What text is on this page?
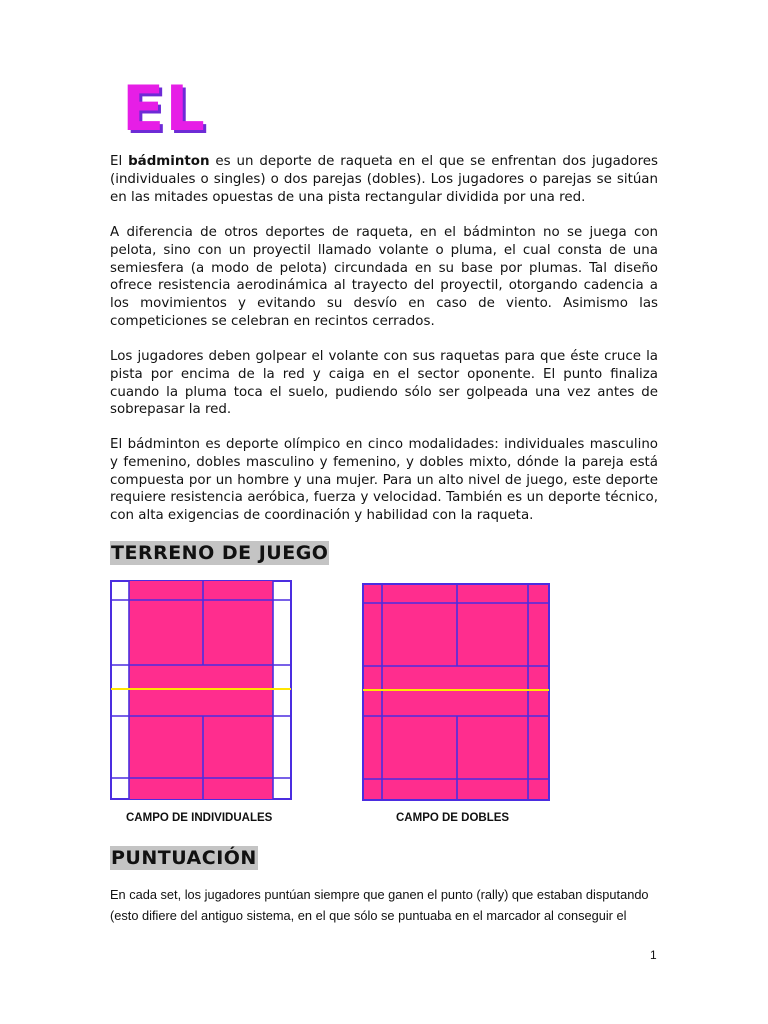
EL

El bádminton es un deporte de raqueta en el que se enfrentan dos jugadores (individuales o singles) o dos parejas (dobles). Los jugadores o parejas se sitúan en las mitades opuestas de una pista rectangular dividida por una red.

A diferencia de otros deportes de raqueta, en el bádminton no se juega con pelota, sino con un proyectil llamado volante o pluma, el cual consta de una semiesfera (a modo de pelota) circundada en su base por plumas. Tal diseño ofrece resistencia aerodinámica al trayecto del proyectil, otorgando cadencia a los movimientos y evitando su desvío en caso de viento. Asimismo las competiciones se celebran en recintos cerrados.

Los jugadores deben golpear el volante con sus raquetas para que éste cruce la pista por encima de la red y caiga en el sector oponente. El punto finaliza cuando la pluma toca el suelo, pudiendo sólo ser golpeada una vez antes de sobrepasar la red.

El bádminton es deporte olímpico en cinco modalidades: individuales masculino y femenino, dobles masculino y femenino, y dobles mixto, dónde la pareja está compuesta por un hombre y una mujer. Para un alto nivel de juego, este deporte requiere resistencia aeróbica, fuerza y velocidad. También es un deporte técnico, con alta exigencias de coordinación y habilidad con la raqueta.

TERRENO DE JUEGO
CAMPO DE INDIVIDUALES	CAMPO DE DOBLES
PUNTUACIÓN

En cada set, los jugadores puntúan siempre que ganen el punto (rally) que estaban disputando (esto difiere del antiguo sistema, en el que sólo se puntuaba en el marcador al conseguir el

1
